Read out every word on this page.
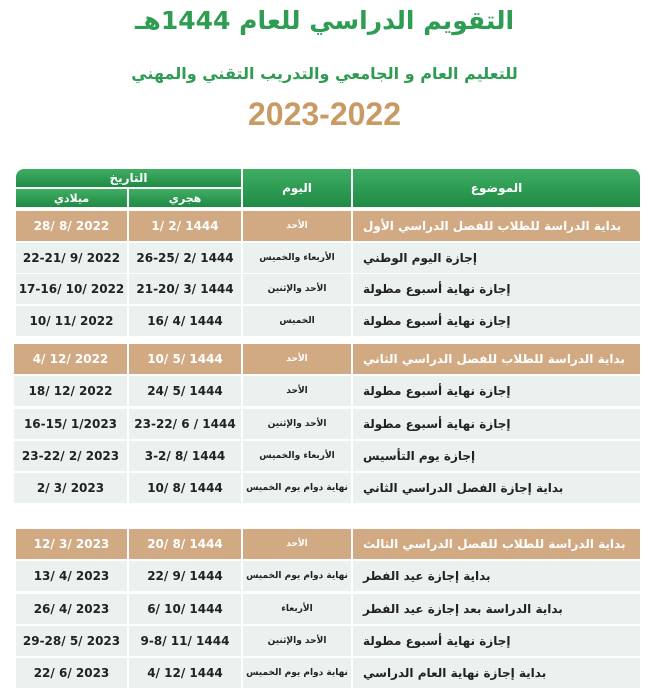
التقويم الدراسي للعام 1444هـ
للتعليم العام و الجامعي والتدريب التقني والمهني
2023-2022
الموضوع
اليوم
التاريخ
هجري
ميلادي
بداية الدراسة للطلاب للفصل الدراسي الأول
الأحد
1/ 2/ 1444
28/ 8/ 2022
إجازة اليوم الوطني
الأربعاء والخميس
26-25/ 2/ 1444
22-21/ 9/ 2022
إجازة نهاية أسبوع مطولة
الأحد والإثنين
21-20/ 3/ 1444
17-16/ 10/ 2022
إجازة نهاية أسبوع مطولة
الخميس
16/ 4/ 1444
10/ 11/ 2022
بداية الدراسة للطلاب للفصل الدراسي الثاني
الأحد
10/ 5/ 1444
4/ 12/ 2022
إجازة نهاية أسبوع مطولة
الأحد
24/ 5/ 1444
18/ 12/ 2022
إجازة نهاية أسبوع مطولة
الأحد والإثنين
23-22/ 6 / 1444
16-15/ 1/2023
إجازة يوم التأسيس
الأربعاء والخميس
3-2/ 8/ 1444
23-22/ 2/ 2023
بداية إجازة الفصل الدراسي الثاني
نهاية دوام يوم الخميس
10/ 8/ 1444
2/ 3/ 2023
بداية الدراسة للطلاب للفصل الدراسي الثالث
الأحد
20/ 8/ 1444
12/ 3/ 2023
بداية إجازة عيد الفطر
نهاية دوام يوم الخميس
22/ 9/ 1444
13/ 4/ 2023
بداية الدراسة بعد إجازة عيد الفطر
الأربعاء
6/ 10/ 1444
26/ 4/ 2023
إجازة نهاية أسبوع مطولة
الأحد والإثنين
9-8/ 11/ 1444
29-28/ 5/ 2023
بداية إجازة نهاية العام الدراسي
نهاية دوام يوم الخميس
4/ 12/ 1444
22/ 6/ 2023
